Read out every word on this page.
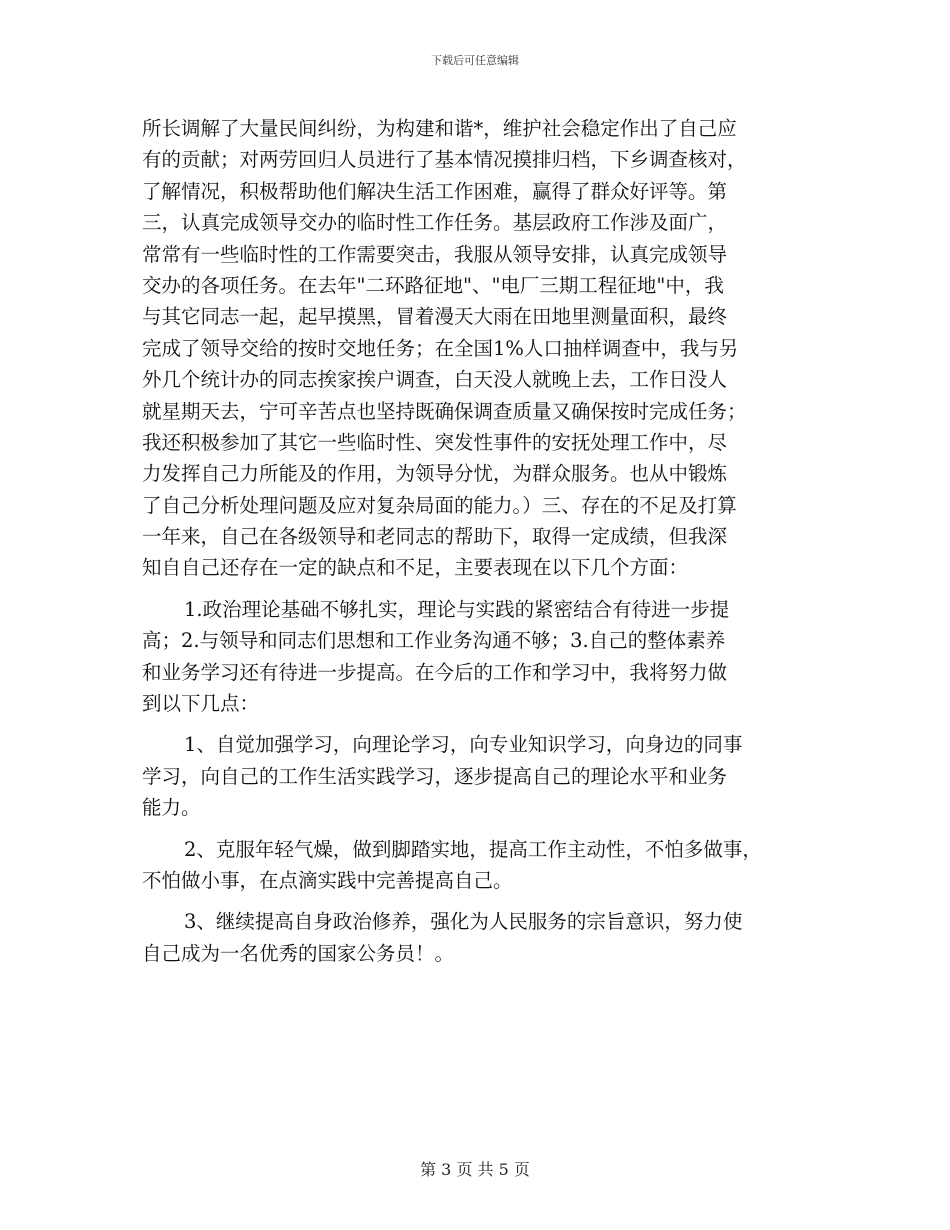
下载后可任意编辑
所长调解了大量民间纠纷，为构建和谐*，维护社会稳定作出了自己应
有的贡献；对两劳回归人员进行了基本情况摸排归档，下乡调查核对，
了解情况，积极帮助他们解决生活工作困难，赢得了群众好评等。第
三，认真完成领导交办的临时性工作任务。基层政府工作涉及面广，
常常有一些临时性的工作需要突击，我服从领导安排，认真完成领导
交办的各项任务。在去年"二环路征地"、"电厂三期工程征地"中，我
与其它同志一起，起早摸黑，冒着漫天大雨在田地里测量面积，最终
完成了领导交给的按时交地任务；在全国1%人口抽样调查中，我与另
外几个统计办的同志挨家挨户调查，白天没人就晚上去，工作日没人
就星期天去，宁可辛苦点也坚持既确保调查质量又确保按时完成任务；
我还积极参加了其它一些临时性、突发性事件的安抚处理工作中，尽
力发挥自己力所能及的作用，为领导分忧，为群众服务。也从中锻炼
了自己分析处理问题及应对复杂局面的能力。）三、存在的不足及打算
一年来，自己在各级领导和老同志的帮助下，取得一定成绩，但我深
知自自己还存在一定的缺点和不足，主要表现在以下几个方面：
1.政治理论基础不够扎实，理论与实践的紧密结合有待进一步提
高；2.与领导和同志们思想和工作业务沟通不够；3.自己的整体素养
和业务学习还有待进一步提高。在今后的工作和学习中，我将努力做
到以下几点：
1、自觉加强学习，向理论学习，向专业知识学习，向身边的同事
学习，向自己的工作生活实践学习，逐步提高自己的理论水平和业务
能力。
2、克服年轻气燥，做到脚踏实地，提高工作主动性，不怕多做事，
不怕做小事，在点滴实践中完善提高自己。
3、继续提高自身政治修养，强化为人民服务的宗旨意识，努力使
自己成为一名优秀的国家公务员！。
第 3 页 共 5 页
